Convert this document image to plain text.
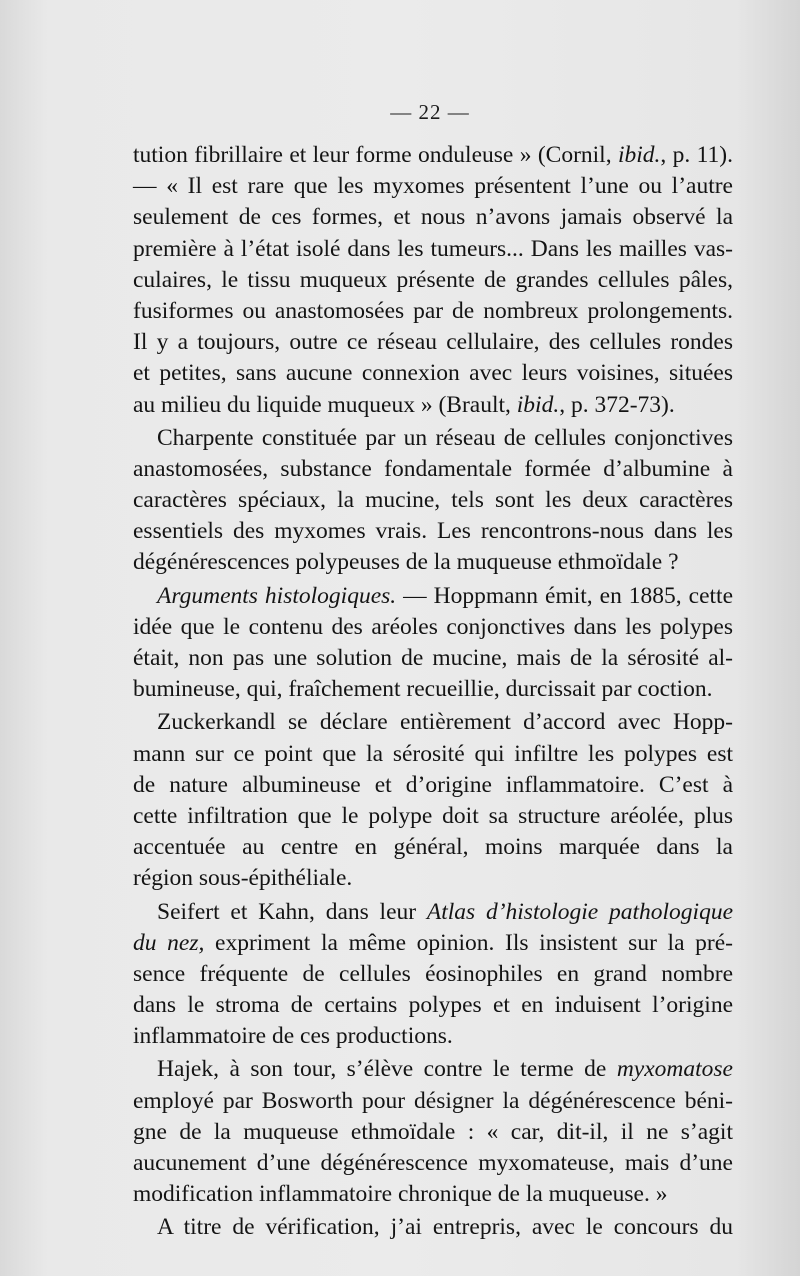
— 22 —
tution fibrillaire et leur forme onduleuse » (Cornil, ibid., p. 11).
— « Il est rare que les myxomes présentent l’une ou l’autre
seulement de ces formes, et nous n’avons jamais observé la
première à l’état isolé dans les tumeurs... Dans les mailles vas-
culaires, le tissu muqueux présente de grandes cellules pâles,
fusiformes ou anastomosées par de nombreux prolongements.
Il y a toujours, outre ce réseau cellulaire, des cellules rondes
et petites, sans aucune connexion avec leurs voisines, situées
au milieu du liquide muqueux » (Brault, ibid., p. 372-73).
Charpente constituée par un réseau de cellules conjonctives
anastomosées, substance fondamentale formée d’albumine à
caractères spéciaux, la mucine, tels sont les deux caractères
essentiels des myxomes vrais. Les rencontrons-nous dans les
dégénérescences polypeuses de la muqueuse ethmoïdale ?
Arguments histologiques. — Hoppmann émit, en 1885, cette
idée que le contenu des aréoles conjonctives dans les polypes
était, non pas une solution de mucine, mais de la sérosité al-
bumineuse, qui, fraîchement recueillie, durcissait par coction.
Zuckerkandl se déclare entièrement d’accord avec Hopp-
mann sur ce point que la sérosité qui infiltre les polypes est
de nature albumineuse et d’origine inflammatoire. C’est à
cette infiltration que le polype doit sa structure aréolée, plus
accentuée au centre en général, moins marquée dans la
région sous-épithéliale.
Seifert et Kahn, dans leur Atlas d’histologie pathologique
du nez, expriment la même opinion. Ils insistent sur la pré-
sence fréquente de cellules éosinophiles en grand nombre
dans le stroma de certains polypes et en induisent l’origine
inflammatoire de ces productions.
Hajek, à son tour, s’élève contre le terme de myxomatose
employé par Bosworth pour désigner la dégénérescence béni-
gne de la muqueuse ethmoïdale : « car, dit-il, il ne s’agit
aucunement d’une dégénérescence myxomateuse, mais d’une
modification inflammatoire chronique de la muqueuse. »
A titre de vérification, j’ai entrepris, avec le concours du
